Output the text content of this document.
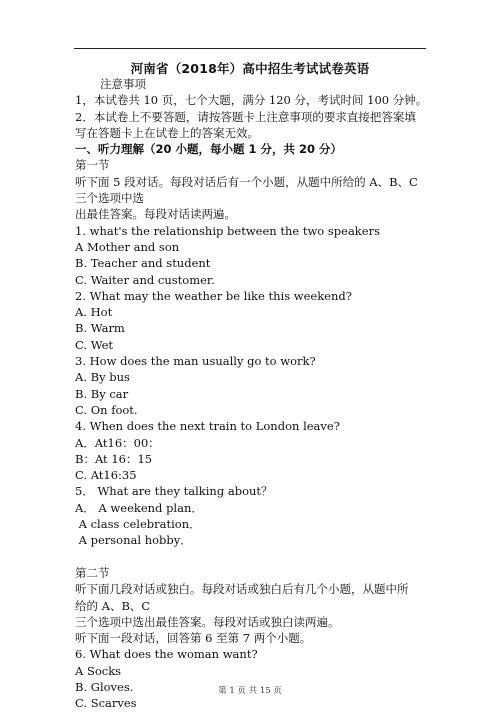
河南省（2018年）高中招生考试试卷英语
注意事项
1，本试卷共 10 页，七个大题，满分 120 分，考试时间 100 分钟。
2．本试卷上不要答题，请按答题卡上注意事项的要求直接把答案填
写在答题卡上在试卷上的答案无效。
一、听力理解（20 小题，每小题 1 分，共 20 分）
第一节
听下面 5 段对话。每段对话后有一个小题，从题中所给的 A、B、C
三个选项中选
出最佳答案。每段对话读两遍。
1. what's the relationship between the two speakers
A Mother and son
B. Teacher and student
C. Waiter and customer.
2. What may the weather be like this weekend?
A. Hot
B. Warm
C. Wet
3. How does the man usually go to work?
A. By bus
B. By car
C. On foot.
4. When does the next train to London leave?
A．At16：00：
B：At 16：15
C. At16:35
5． What are they talking about？
A． A weekend plan．
A class celebration．
A personal hobby．
第二节
听下面几段对话或独白。每段对话或独白后有几个小题，从题中所
给的 A、B、C
三个选项中选出最佳答案。每段对话或独白读两遍。
听下面一段对话，回答第 6 至第 7 两个小题。
6. What does the woman want?
A Socks
B. Gloves.
C. Scarves
第 1 页 共 15 页
